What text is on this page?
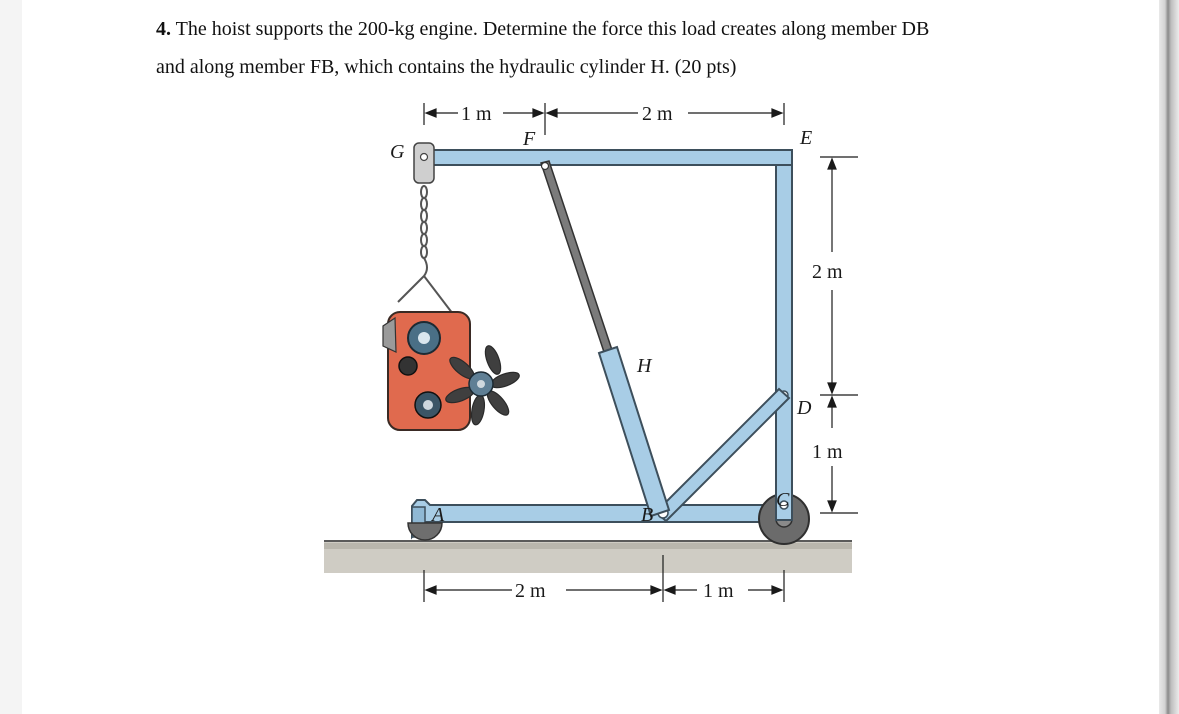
4. The hoist supports the 200-kg engine. Determine the force this load creates along member DB
and along member FB, which contains the hydraulic cylinder H. (20 pts)
1 m	2 m
2 m
1 m
2 m	1 m
G
F	E
H
D
A	B
C
